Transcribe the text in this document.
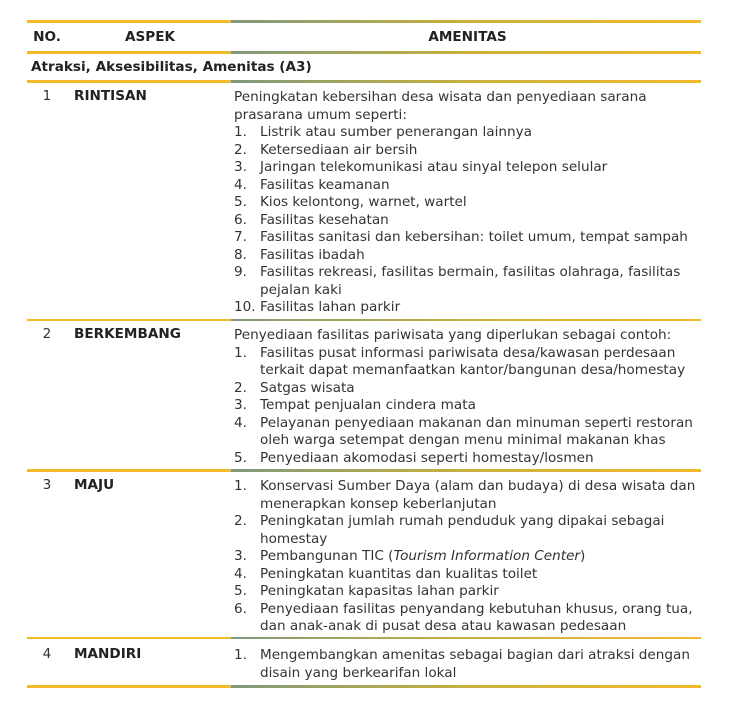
NO.	ASPEK	AMENITAS
Atraksi, Aksesibilitas, Amenitas (A3)
1	RINTISAN	Peningkatan kebersihan desa wisata dan penyediaan sarana prasarana umum seperti:
1. Listrik atau sumber penerangan lainnya
2. Ketersediaan air bersih
3. Jaringan telekomunikasi atau sinyal telepon selular
4. Fasilitas keamanan
5. Kios kelontong, warnet, wartel
6. Fasilitas kesehatan
7. Fasilitas sanitasi dan kebersihan: toilet umum, tempat sampah
8. Fasilitas ibadah
9. Fasilitas rekreasi, fasilitas bermain, fasilitas olahraga, fasilitas pejalan kaki
10. Fasilitas lahan parkir
2	BERKEMBANG	Penyediaan fasilitas pariwisata yang diperlukan sebagai contoh:
1. Fasilitas pusat informasi pariwisata desa/kawasan perdesaan terkait dapat memanfaatkan kantor/bangunan desa/homestay
2. Satgas wisata
3. Tempat penjualan cindera mata
4. Pelayanan penyediaan makanan dan minuman seperti restoran oleh warga setempat dengan menu minimal makanan khas
5. Penyediaan akomodasi seperti homestay/losmen
3	MAJU	1. Konservasi Sumber Daya (alam dan budaya) di desa wisata dan menerapkan konsep keberlanjutan
2. Peningkatan jumlah rumah penduduk yang dipakai sebagai homestay
3. Pembangunan TIC (Tourism Information Center)
4. Peningkatan kuantitas dan kualitas toilet
5. Peningkatan kapasitas lahan parkir
6. Penyediaan fasilitas penyandang kebutuhan khusus, orang tua, dan anak-anak di pusat desa atau kawasan pedesaan
4	MANDIRI	1. Mengembangkan amenitas sebagai bagian dari atraksi dengan disain yang berkearifan lokal
